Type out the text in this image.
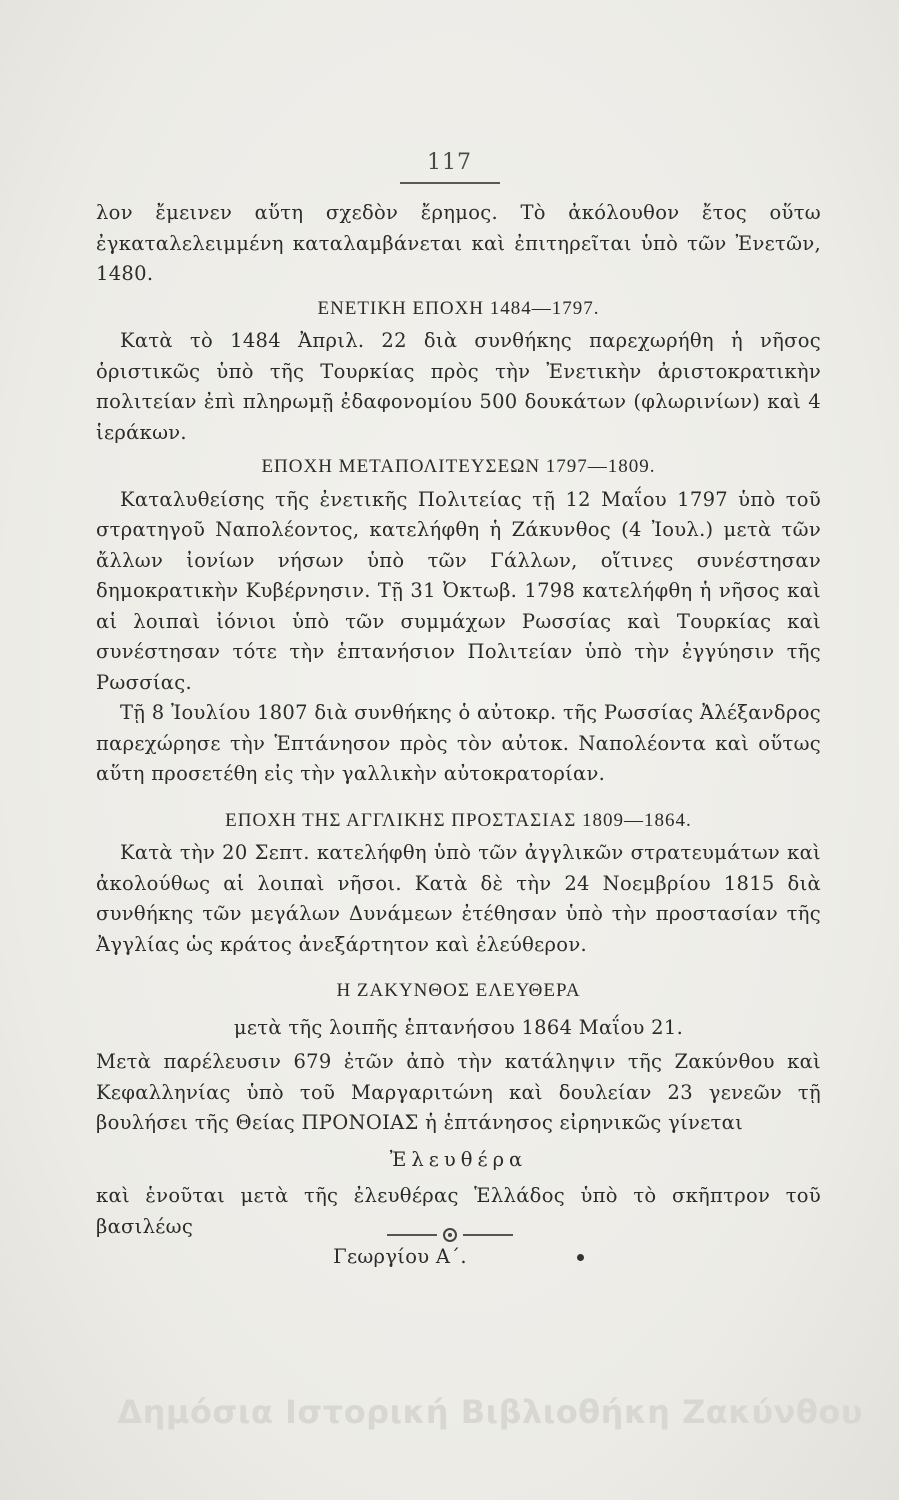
117

λον ἔμεινεν αὕτη σχεδὸν ἔρημος. Τὸ ἀκόλουθον ἔτος οὕτω ἐγκαταλελειμμένη καταλαμβάνεται καὶ ἐπιτηρεῖται ὑπὸ τῶν Ἐνετῶν, 1480.

ΕΝΕΤΙΚΗ ΕΠΟΧΗ 1484—1797.

Κατὰ τὸ 1484 Ἀπριλ. 22 διὰ συνθήκης παρεχωρήθη ἡ νῆσος ὁριστικῶς ὑπὸ τῆς Τουρκίας πρὸς τὴν Ἐνετικὴν ἀριστοκρατικὴν πολιτείαν ἐπὶ πληρωμῇ ἐδαφονομίου 500 δουκάτων (φλωρινίων) καὶ 4 ἱεράκων.

ΕΠΟΧΗ ΜΕΤΑΠΟΛΙΤΕΥΣΕΩΝ 1797—1809.

Καταλυθείσης τῆς ἐνετικῆς Πολιτείας τῇ 12 Μαΐου 1797 ὑπὸ τοῦ στρατηγοῦ Ναπολέοντος, κατελήφθη ἡ Ζάκυνθος (4 Ἰουλ.) μετὰ τῶν ἄλλων ἰονίων νήσων ὑπὸ τῶν Γάλλων, οἵτινες συνέστησαν δημοκρατικὴν Κυβέρνησιν. Τῇ 31 Ὀκτωβ. 1798 κατελήφθη ἡ νῆσος καὶ αἱ λοιπαὶ ἰόνιοι ὑπὸ τῶν συμμάχων Ρωσσίας καὶ Τουρκίας καὶ συνέστησαν τότε τὴν ἑπτανήσιον Πολιτείαν ὑπὸ τὴν ἐγγύησιν τῆς Ρωσσίας.

Τῇ 8 Ἰουλίου 1807 διὰ συνθήκης ὁ αὐτοκρ. τῆς Ρωσσίας Ἀλέξανδρος παρεχώρησε τὴν Ἑπτάνησον πρὸς τὸν αὐτοκ. Ναπολέοντα καὶ οὕτως αὕτη προσετέθη εἰς τὴν γαλλικὴν αὐτοκρατορίαν.

ΕΠΟΧΗ ΤΗΣ ΑΓΓΛΙΚΗΣ ΠΡΟΣΤΑΣΙΑΣ 1809—1864.

Κατὰ τὴν 20 Σεπτ. κατελήφθη ὑπὸ τῶν ἀγγλικῶν στρατευμάτων καὶ ἀκολούθως αἱ λοιπαὶ νῆσοι. Κατὰ δὲ τὴν 24 Νοεμβρίου 1815 διὰ συνθήκης τῶν μεγάλων Δυνάμεων ἐτέθησαν ὑπὸ τὴν προστασίαν τῆς Ἀγγλίας ὡς κράτος ἀνεξάρτητον καὶ ἐλεύθερον.

Η ΖΑΚΥΝΘΟΣ ΕΛΕΥΘΕΡΑ
μετὰ τῆς λοιπῆς ἑπτανήσου 1864 Μαΐου 21.

Μετὰ παρέλευσιν 679 ἐτῶν ἀπὸ τὴν κατάληψιν τῆς Ζακύνθου καὶ Κεφαλληνίας ὑπὸ τοῦ Μαργαριτώνη καὶ δουλείαν 23 γενεῶν τῇ βουλήσει τῆς Θείας ΠΡΟΝΟΙΑΣ ἡ ἑπτάνησος εἰρηνικῶς γίνεται

Ἐλευθέρα

καὶ ἑνοῦται μετὰ τῆς ἐλευθέρας Ἑλλάδος ὑπὸ τὸ σκῆπτρον τοῦ βασιλέως

Γεωργίου Α΄.
Δημόσια Ιστορική Βιβλιοθήκη Ζακύνθου
